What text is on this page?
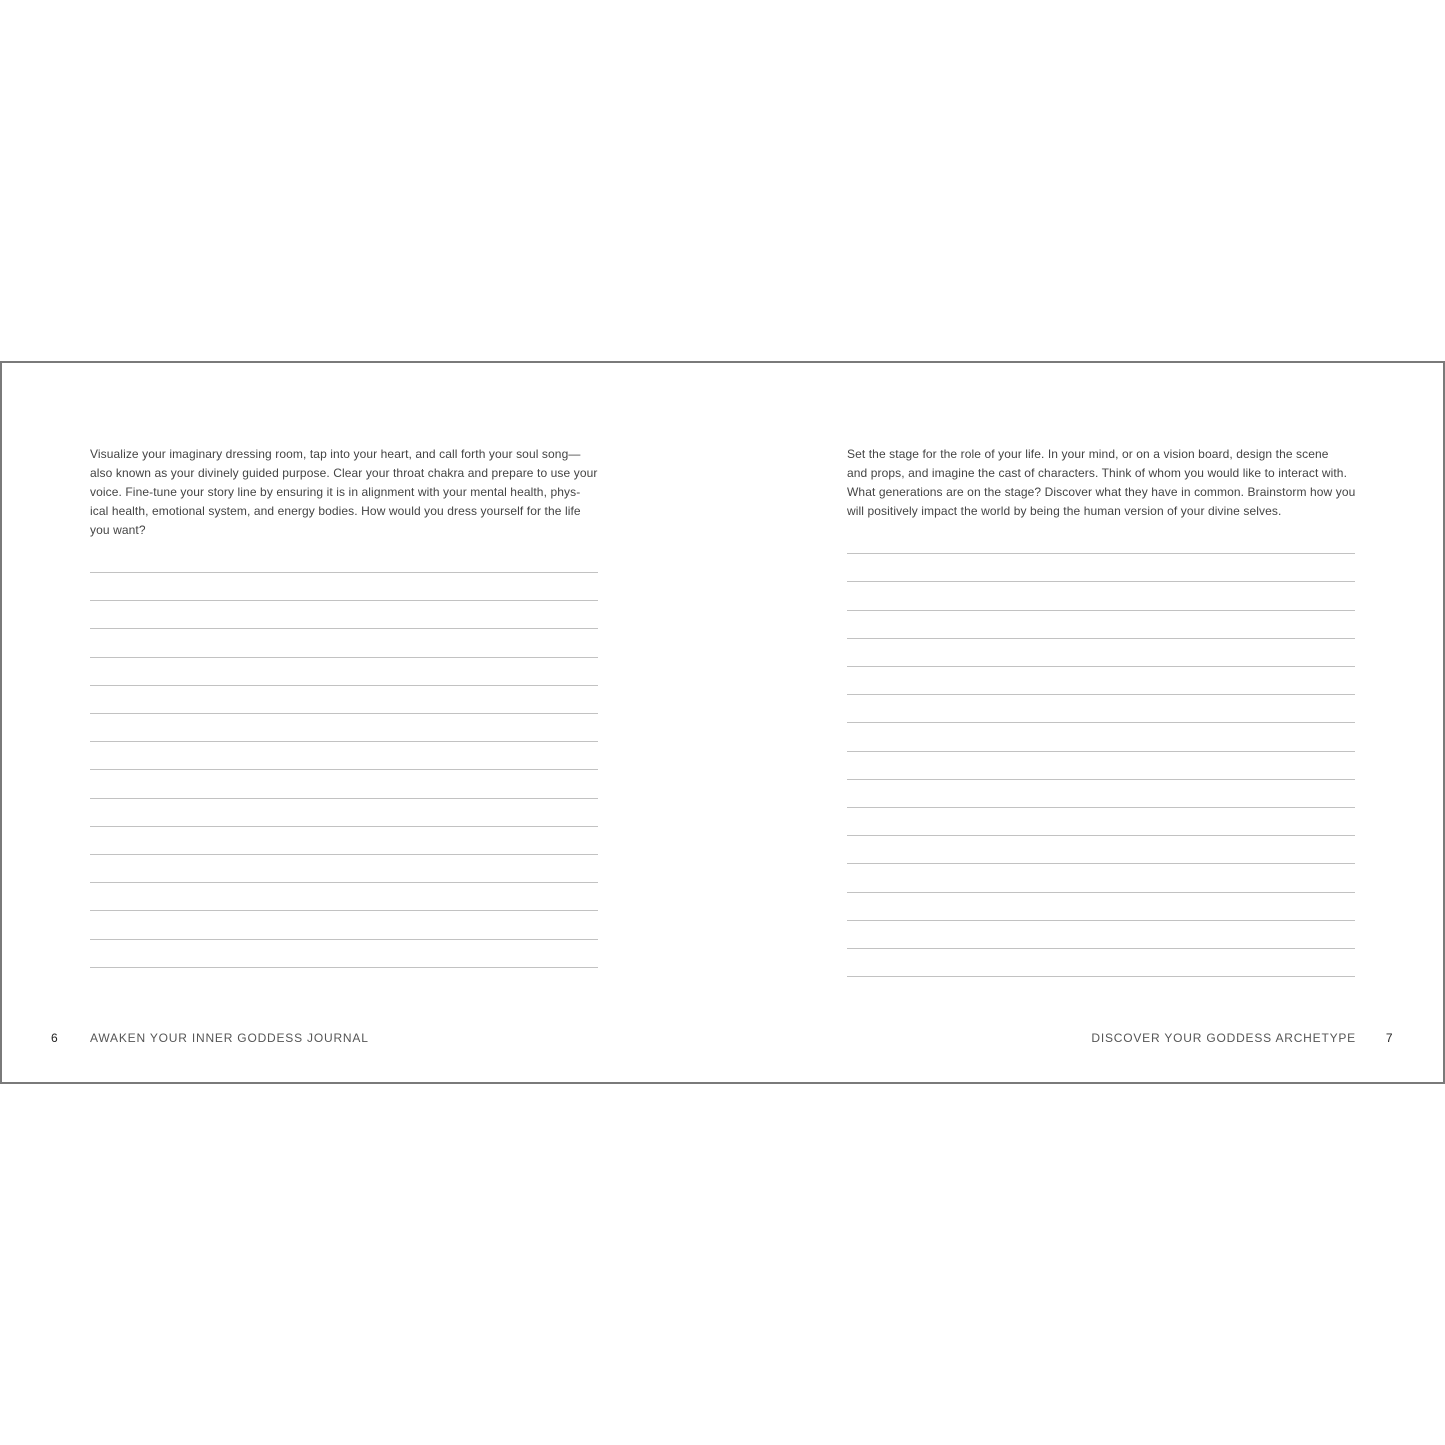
Visualize your imaginary dressing room, tap into your heart, and call forth your soul song—
also known as your divinely guided purpose. Clear your throat chakra and prepare to use your
voice. Fine-tune your story line by ensuring it is in alignment with your mental health, phys-
ical health, emotional system, and energy bodies. How would you dress yourself for the life
you want?

6	AWAKEN YOUR INNER GODDESS JOURNAL

Set the stage for the role of your life. In your mind, or on a vision board, design the scene
and props, and imagine the cast of characters. Think of whom you would like to interact with.
What generations are on the stage? Discover what they have in common. Brainstorm how you
will positively impact the world by being the human version of your divine selves.

DISCOVER YOUR GODDESS ARCHETYPE 7
